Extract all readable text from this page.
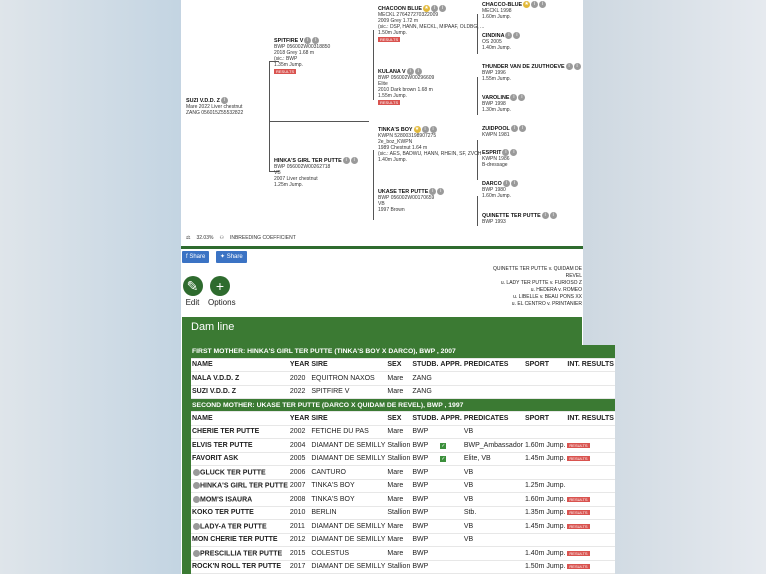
SUZI V.D.D. Z i
Mare 2022 Liver chestnut
ZANG 056015Z55532822
SPITFIRE V i i
BWP 056002W00318850
2018 Grey 1.68 m
(sic.: BWP
1.35m Jump.
RESULTS
HINKA'S GIRL TER PUTTE i i
BWP 056002W00262718
VB
2007 Liver chestnut
1.25m Jump.
CHACOON BLUE ★ i i
MECKL 276427270322009
2009 Grey 1.72 m
(sic.: DSP, HANN, MECKL, MIPAAF, OLDBG, ...
1.50m Jump.
RESULTS
KULANA V i i
BWP 056002W00296609
Elite
2010 Dark brown 1.68 m
1.55m Jump.
RESULTS
TINKA'S BOY ★ i i
KWPN 528003198907275
2e_boz_KWPN
1989 Chestnut 1.64 m
(sic.: AES, BADWU, HANN, RHEIN, SF, ZVCH
1.40m Jump.
UKASE TER PUTTE i i
BWP 056002W00170659
VB
1997 Brown
CHACCO-BLUE ★ i i
MECKL 1998
1.60m Jump.
CINDINA i i
OS 2005
1.40m Jump.
THUNDER VAN DE ZUUTHOEVE i i
BWP 1996
1.55m Jump.
VAROLINE i i
BWP 1998
1.30m Jump.
ZUIDPOOL i i
KWPN 1981
ESPRIT i i
KWPN 1986
B-dressage
DARCO i i
BWP 1980
1.60m Jump.
QUINETTE TER PUTTE i i
BWP 1993
⚖ 32.03% ⚇ INBREEDING COEFFICIENT
f Share	✦ Share
QUINETTE TER PUTTE v. QUIDAM DE REVEL
u. LADY TER PUTTE v. FURIOSO Z
u. HEDERA v. ROMEO
u. LIBELLE v. BEAU PONS XX
u. EL CENTRO v. PRINTANIER
✎
Edit
+
Options
Dam line
FIRST MOTHER: HINKA'S GIRL TER PUTTE (TINKA'S BOY X DARCO), BWP , 2007								
NAME	YEAR	SIRE	SEX	STUDB.	APPR.	PREDICATES	SPORT	INT. RESULTS
NALA V.D.D. Z	2020	EQUITRON NAXOS	Mare	ZANG				
SUZI V.D.D. Z	2022	SPITFIRE V	Mare	ZANG				
SECOND MOTHER: UKASE TER PUTTE (DARCO X QUIDAM DE REVEL), BWP , 1997								
NAME	YEAR	SIRE	SEX	STUDB.	APPR.	PREDICATES	SPORT	INT. RESULTS
CHERIE TER PUTTE	2002	FETICHE DU PAS	Mare	BWP		VB		
ELVIS TER PUTTE	2004	DIAMANT DE SEMILLY	Stallion	BWP	✓	BWP_Ambassador	1.60m Jump.	RESULTS
FAVORIT ASK	2005	DIAMANT DE SEMILLY	Stallion	BWP	✓	Elite, VB	1.45m Jump.	RESULTS
GLUCK TER PUTTE	2006	CANTURO	Mare	BWP		VB		
HINKA'S GIRL TER PUTTE	2007	TINKA'S BOY	Mare	BWP		VB	1.25m Jump.	
MOM'S ISAURA	2008	TINKA'S BOY	Mare	BWP		VB	1.60m Jump.	RESULTS
KOKO TER PUTTE	2010	BERLIN	Stallion	BWP		Stb.	1.35m Jump.	RESULTS
LADY-A TER PUTTE	2011	DIAMANT DE SEMILLY	Mare	BWP		VB	1.45m Jump.	RESULTS
MON CHERIE TER PUTTE	2012	DIAMANT DE SEMILLY	Mare	BWP		VB		
PRESCILLIA TER PUTTE	2015	COLESTUS	Mare	BWP			1.40m Jump.	RESULTS
ROCK'N ROLL TER PUTTE	2017	DIAMANT DE SEMILLY	Stallion	BWP			1.50m Jump.	RESULTS
